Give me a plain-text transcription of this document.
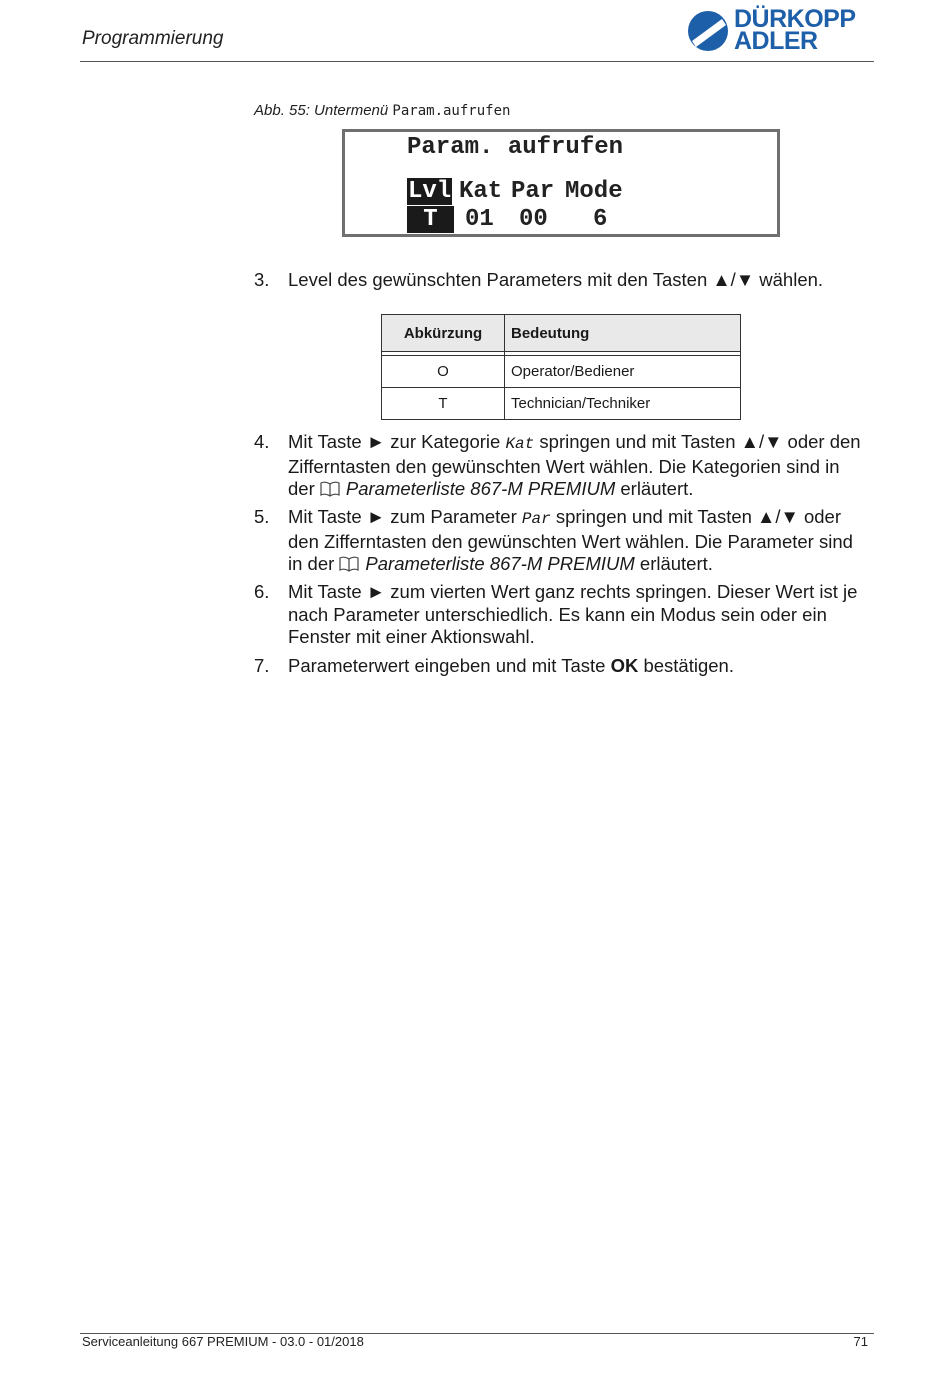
Programmierung
DÜRKOPP
ADLER
Abb. 55: Untermenü Param.aufrufen
Param. aufrufen
Lvl Kat Par Mode
T	01 00 6
3.	Level des gewünschten Parameters mit den Tasten ▲/▼ wählen.
Abkürzung	Bedeutung

O	Operator/Bediener
T	Technician/Techniker
4.	Mit Taste ► zur Kategorie Kat springen und mit Tasten ▲/▼ oder den Zifferntasten den gewünschten Wert wählen. Die Kategorien sind in der Parameterliste 867-M PREMIUM erläutert.
5.	Mit Taste ► zum Parameter Par springen und mit Tasten ▲/▼ oder den Zifferntasten den gewünschten Wert wählen. Die Parameter sind in der Parameterliste 867-M PREMIUM erläutert.
6.	Mit Taste ► zum vierten Wert ganz rechts springen. Dieser Wert ist je nach Parameter unterschiedlich. Es kann ein Modus sein oder ein Fenster mit einer Aktionswahl.
7.	Parameterwert eingeben und mit Taste OK bestätigen.
Serviceanleitung 667 PREMIUM - 03.0 - 01/2018	71
